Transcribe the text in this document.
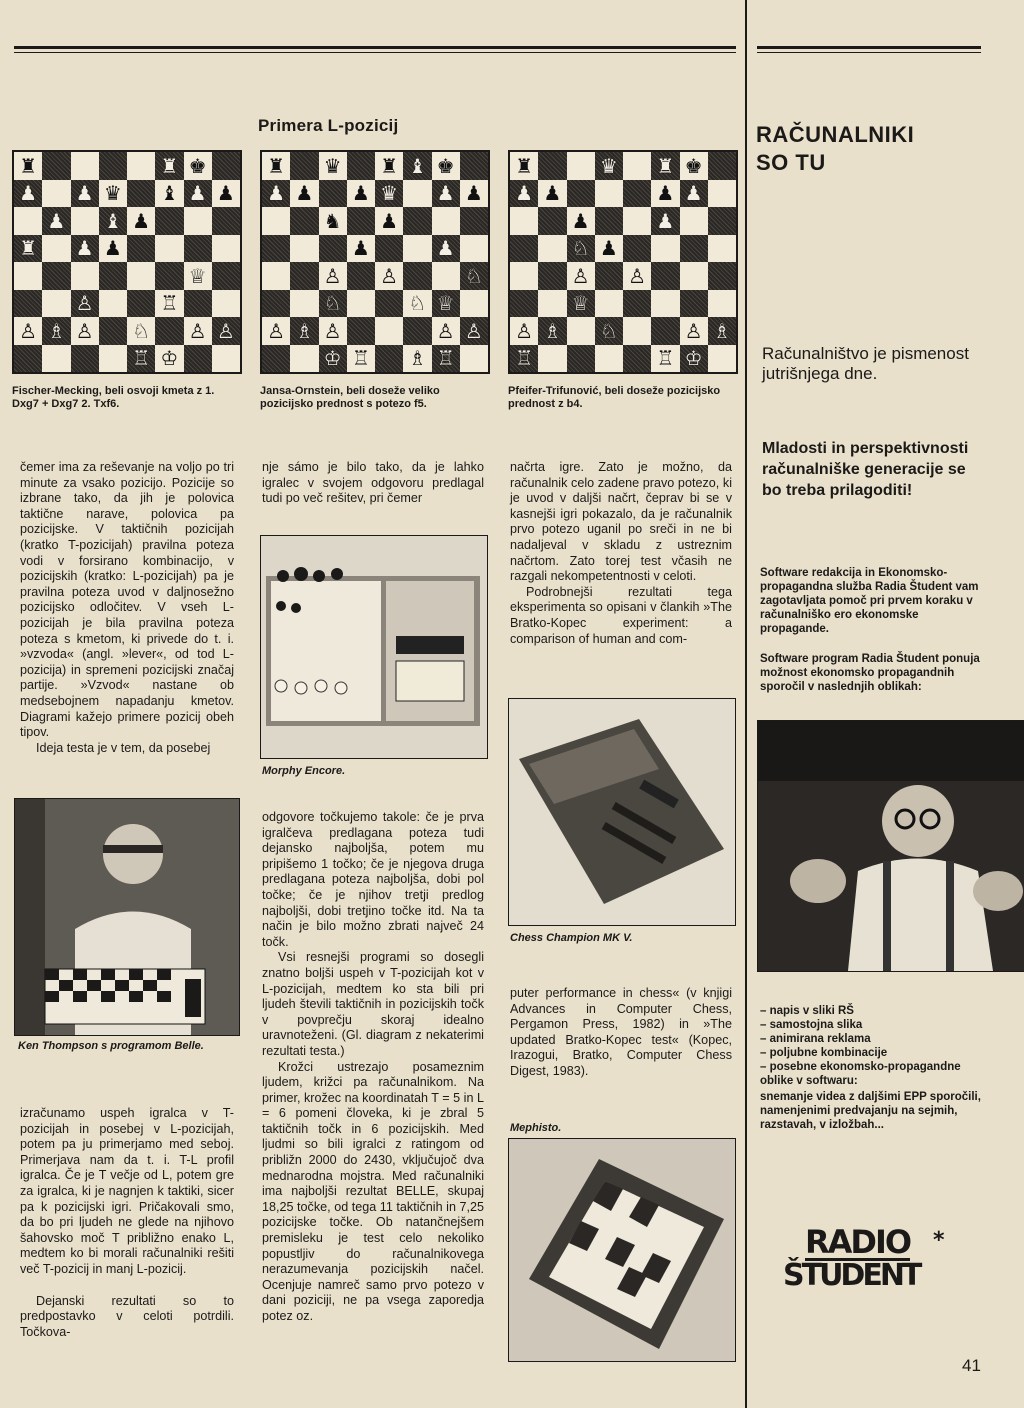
Primera L-pozicij
♜	♜ ♚
♟ ♟ ♛ ♝ ♟ ♟
♟ ♝ ♟
♜ ♟ ♟
♕
♙	♖
♙ ♗ ♙ ♘ ♙ ♙
♖ ♔
♜ ♛ ♜ ♝ ♚
♟ ♟ ♟ ♛ ♟ ♟
♞ ♟
♟	♟
♙ ♙	♘
♘	♘ ♕
♙ ♗ ♙	♙ ♙
♔ ♖ ♗ ♖
♜	♛ ♜ ♚
♟ ♟	♟ ♟
♟	♟
♘ ♟
♙ ♙
♕
♙ ♗ ♘	♙ ♗
♖	♖ ♔
Fischer-Mecking, beli osvoji kmeta z 1. Dxg7 + Dxg7 2. Txf6.
Jansa-Ornstein, beli doseže veliko pozicijsko prednost s potezo f5.
Pfeifer-Trifunović, beli doseže pozicijsko prednost z b4.

čemer ima za reševanje na voljo po tri minute za vsako pozicijo. Pozicije so izbrane tako, da jih je polovica taktične narave, polovica pa pozicijske. V taktičnih pozicijah (kratko T-pozicijah) pravilna poteza vodi v forsirano kombinacijo, v pozicijskih (kratko: L-pozicijah) pa je pravilna poteza uvod v daljnosežno pozicijsko odločitev. V vseh L-pozicijah je bila pravilna poteza poteza s kmetom, ki privede do t. i. »vzvoda« (angl. »lever«, od tod L-pozicija) in spremeni pozicijski značaj partije. »Vzvod« nastane ob medsebojnem napadanju kmetov. Diagrami kažejo primere pozicij obeh tipov.

Ideja testa je v tem, da posebej

Ken Thompson s programom Belle.

izračunamo uspeh igralca v T-pozicijah in posebej v L-pozicijah, potem pa ju primerjamo med seboj. Primerjava nam da t. i. T-L profil igralca. Če je T večje od L, potem gre za igralca, ki je nagnjen k taktiki, sicer pa k pozicijski igri. Pričakovali smo, da bo pri ljudeh ne glede na njihovo šahovsko moč T približno enako L, medtem ko bi morali računalniki rešiti več T-pozicij in manj L-pozicij.

Dejanski rezultati so to predpostavko v celoti potrdili. Točkova-

nje sámo je bilo tako, da je lahko igralec v svojem odgovoru predlagal tudi po več rešitev, pri čemer
Morphy Encore.

odgovore točkujemo takole: če je prva igralčeva predlagana poteza tudi dejansko najboljša, potem mu pripišemo 1 točko; če je njegova druga predlagana poteza najboljša, dobi pol točke; če je njihov tretji predlog najboljši, dobi tretjino točke itd. Na ta način je bilo možno zbrati največ 24 točk.

Vsi resnejši programi so dosegli znatno boljši uspeh v T-pozicijah kot v L-pozicijah, medtem ko sta bili pri ljudeh števili taktičnih in pozicijskih točk v povprečju skoraj idealno uravnoteženi. (Gl. diagram z nekaterimi rezultati testa.)

Krožci ustrezajo posameznim ljudem, križci pa računalnikom. Na primer, krožec na koordinatah T = 5 in L = 6 pomeni človeka, ki je zbral 5 taktičnih točk in 6 pozicijskih. Med ljudmi so bili igralci z ratingom od približn 2000 do 2430, vključujoč dva mednarodna mojstra. Med računalniki ima najboljši rezultat BELLE, skupaj 18,25 točke, od tega 11 taktičnih in 7,25 pozicijske točke. Ob natančnejšem premisleku je test celo nekoliko popustljiv do računalnikovega nerazumevanja pozicijskih načel. Ocenjuje namreč samo prvo potezo v dani poziciji, ne pa vsega zaporedja potez oz.

načrta igre. Zato je možno, da računalnik celo zadene pravo potezo, ki je uvod v daljši načrt, čeprav bi se v kasnejši igri pokazalo, da je računalnik prvo potezo uganil po sreči in ne bi nadaljeval v skladu z ustreznim načrtom. Zato torej test včasih ne razgali nekompetentnosti v celoti.

Podrobnejši rezultati tega eksperimenta so opisani v člankih »The Bratko-Kopec experiment: a comparison of human and com-

Chess Champion MK V.
puter performance in chess« (v knjigi Advances in Computer Chess, Pergamon Press, 1982) in »The updated Bratko-Kopec test« (Kopec, Irazogui, Bratko, Computer Chess Digest, 1983).
Mephisto.
RAČUNALNIKI
SO TU
Računalništvo je pismenost jutrišnjega dne.
Mladosti in perspektivnosti računalniške generacije se bo treba prilagoditi!
Software redakcija in Ekonomsko-propagandna služba Radia Študent vam zagotavljata pomoč pri prvem koraku v računalniško ero ekonomske propagande.
Software program Radia Študent ponuja možnost ekonomsko propagandnih sporočil v naslednjih oblikah:
– napis v sliki RŠ
– samostojna slika
– animirana reklama
– poljubne kombinacije
– posebne ekonomsko-propagandne oblike v softwaru:
snemanje videa z daljšimi EPP sporočili, namenjenimi predvajanju na sejmih, razstavah, v izložbah...
RADIO
ŠTUDENT
*
41
